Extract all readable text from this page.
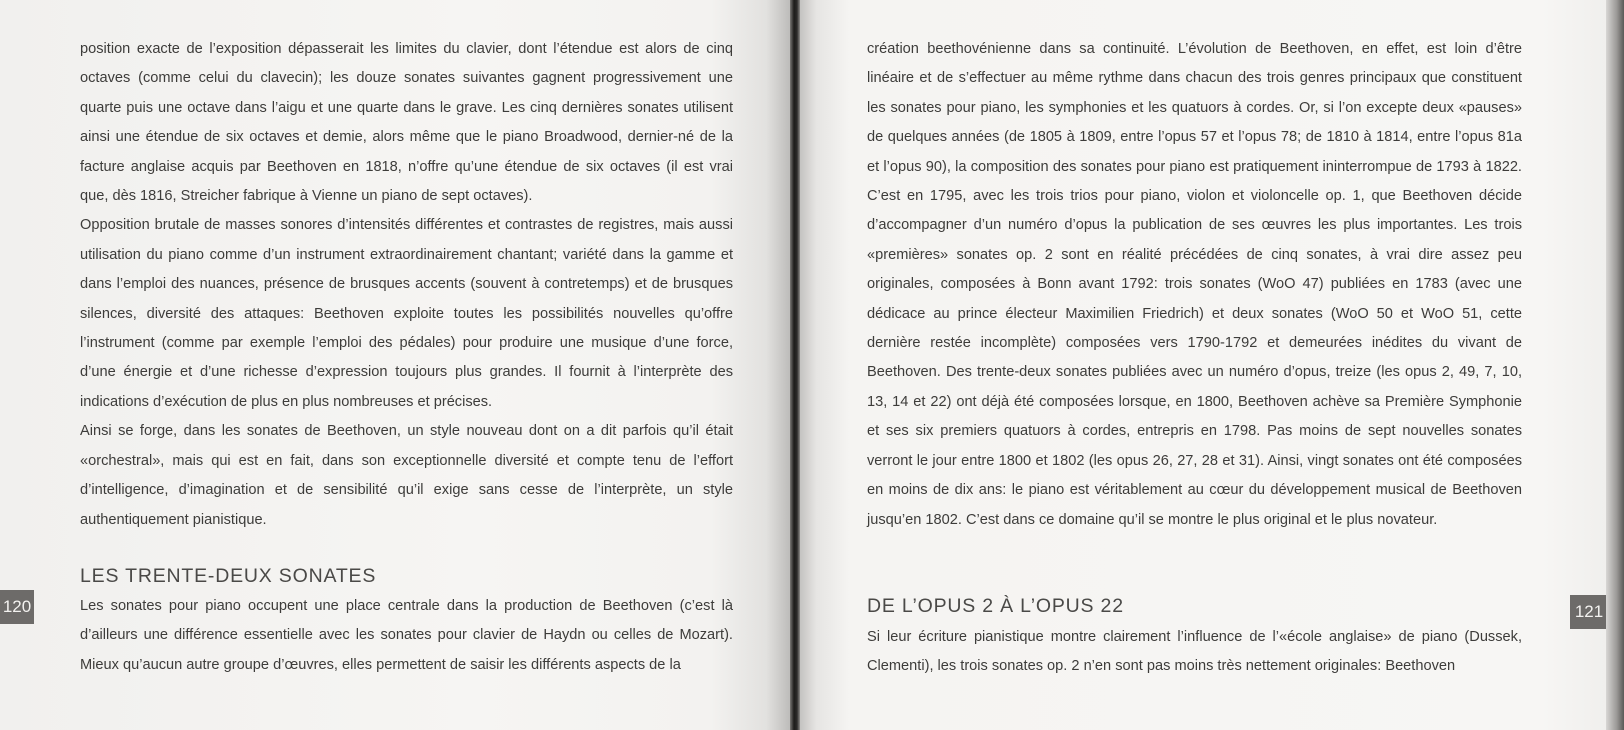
position exacte de l’exposition dépasserait les limites du clavier, dont l’étendue est alors de cinq octaves (comme celui du clavecin); les douze sonates suivantes gagnent progressivement une quarte puis une octave dans l’aigu et une quarte dans le grave. Les cinq dernières sonates utilisent ainsi une étendue de six octaves et demie, alors même que le piano Broadwood, dernier-né de la facture anglaise acquis par Beethoven en 1818, n’offre qu’une étendue de six octaves (il est vrai que, dès 1816, Streicher fabrique à Vienne un piano de sept octaves).

Opposition brutale de masses sonores d’intensités différentes et contrastes de registres, mais aussi utilisation du piano comme d’un instrument extraordinairement chantant; variété dans la gamme et dans l’emploi des nuances, présence de brusques accents (souvent à contretemps) et de brusques silences, diversité des attaques: Beethoven exploite toutes les possibilités nouvelles qu’offre l’instrument (comme par exemple l’emploi des pédales) pour produire une musique d’une force, d’une énergie et d’une richesse d’expression toujours plus grandes. Il fournit à l’interprète des indications d’exécution de plus en plus nombreuses et précises.

Ainsi se forge, dans les sonates de Beethoven, un style nouveau dont on a dit parfois qu’il était «orchestral», mais qui est en fait, dans son exceptionnelle diversité et compte tenu de l’effort d’intelligence, d’imagination et de sensibilité qu’il exige sans cesse de l’interprète, un style authentiquement pianistique.

LES TRENTE-DEUX SONATES

Les sonates pour piano occupent une place centrale dans la production de Beethoven (c’est là d’ailleurs une différence essentielle avec les sonates pour clavier de Haydn ou celles de Mozart). Mieux qu’aucun autre groupe d’œuvres, elles permettent de saisir les différents aspects de la

120

création beethovénienne dans sa continuité. L’évolution de Beethoven, en effet, est loin d’être linéaire et de s’effectuer au même rythme dans chacun des trois genres principaux que constituent les sonates pour piano, les symphonies et les quatuors à cordes. Or, si l’on excepte deux «pauses» de quelques années (de 1805 à 1809, entre l’opus 57 et l’opus 78; de 1810 à 1814, entre l’opus 81a et l’opus 90), la composition des sonates pour piano est pratiquement ininterrompue de 1793 à 1822. C’est en 1795, avec les trois trios pour piano, violon et violoncelle op. 1, que Beethoven décide d’accompagner d’un numéro d’opus la publication de ses œuvres les plus importantes. Les trois «premières» sonates op. 2 sont en réalité précédées de cinq sonates, à vrai dire assez peu originales, composées à Bonn avant 1792: trois sonates (WoO 47) publiées en 1783 (avec une dédicace au prince électeur Maximilien Friedrich) et deux sonates (WoO 50 et WoO 51, cette dernière restée incomplète) composées vers 1790-1792 et demeurées inédites du vivant de Beethoven. Des trente-deux sonates publiées avec un numéro d’opus, treize (les opus 2, 49, 7, 10, 13, 14 et 22) ont déjà été composées lorsque, en 1800, Beethoven achève sa Première Symphonie et ses six premiers quatuors à cordes, entrepris en 1798. Pas moins de sept nouvelles sonates verront le jour entre 1800 et 1802 (les opus 26, 27, 28 et 31). Ainsi, vingt sonates ont été composées en moins de dix ans: le piano est véritablement au cœur du développement musical de Beethoven jusqu’en 1802. C’est dans ce domaine qu’il se montre le plus original et le plus novateur.

DE L’OPUS 2 À L’OPUS 22

Si leur écriture pianistique montre clairement l’influence de l’«école anglaise» de piano (Dussek, Clementi), les trois sonates op. 2 n’en sont pas moins très nettement originales: Beethoven

121
